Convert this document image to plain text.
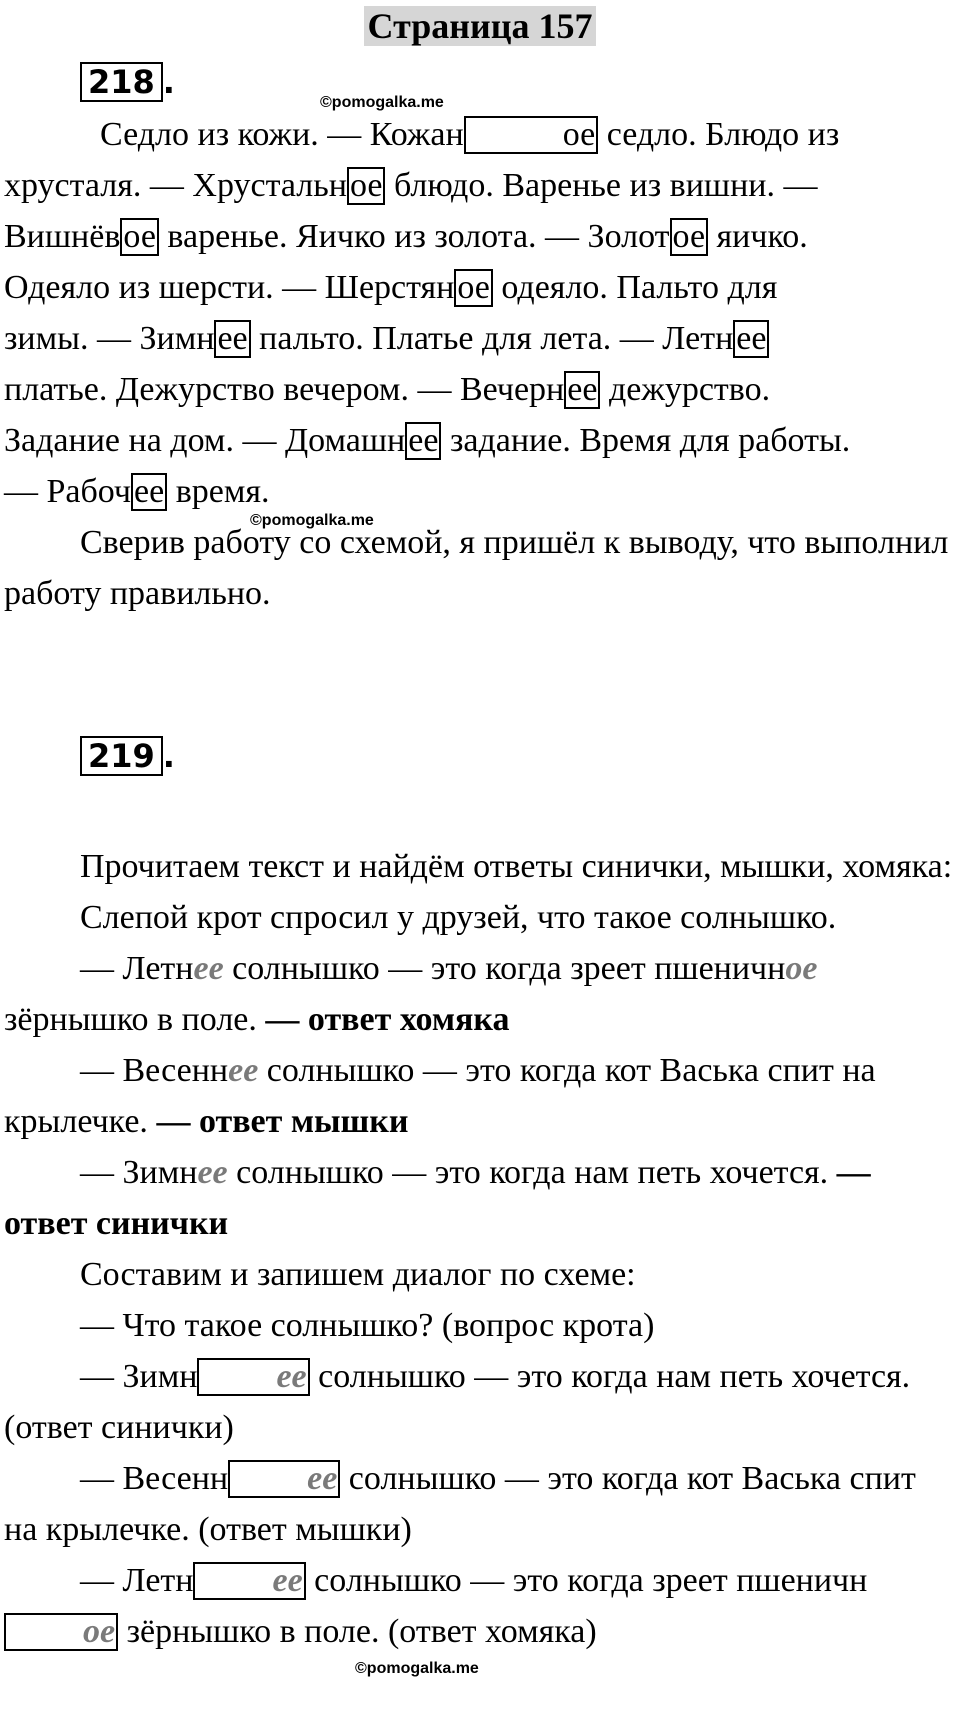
Страница 157
218 .
©pomogalka.me

Седло из кожи. — Кожан	ое седло. Блюдо из

хрусталя. — Хрустальное блюдо. Варенье из вишни. —

Вишнёвое варенье. Яичко из золота. — Золотое яичко.

Одеяло из шерсти. — Шерстяное одеяло. Пальто для

зимы. — Зимнее пальто. Платье для лета. — Летнее

платье. Дежурство вечером. — Вечернее дежурство.

Задание на дом. — Домашнее задание. Время для работы.

— Рабочее время.

Сверив работу со схемой, я пришёл к выводу, что выполнил работу правильно.

©pomogalka.me
219 .

Прочитаем текст и найдём ответы синички, мышки, хомяка:

Слепой крот спросил у друзей, что такое солнышко.

— Летнее солнышко — это когда зреет пшеничное зёрнышко в поле. — ответ хомяка

— Весеннее солнышко — это когда кот Васька спит на крылечке. — ответ мышки

— Зимнее солнышко — это когда нам петь хочется. — ответ синички

Составим и запишем диалог по схеме:

— Что такое солнышко? (вопрос крота)

— Зимн ее солнышко — это когда нам петь хочется. (ответ синички)

— Весенн ее солнышко — это когда кот Васька спит на крылечке. (ответ мышки)

— Летн ее солнышко — это когда зреет пшеничное зёрнышко в поле. (ответ хомяка)

©pomogalka.me
